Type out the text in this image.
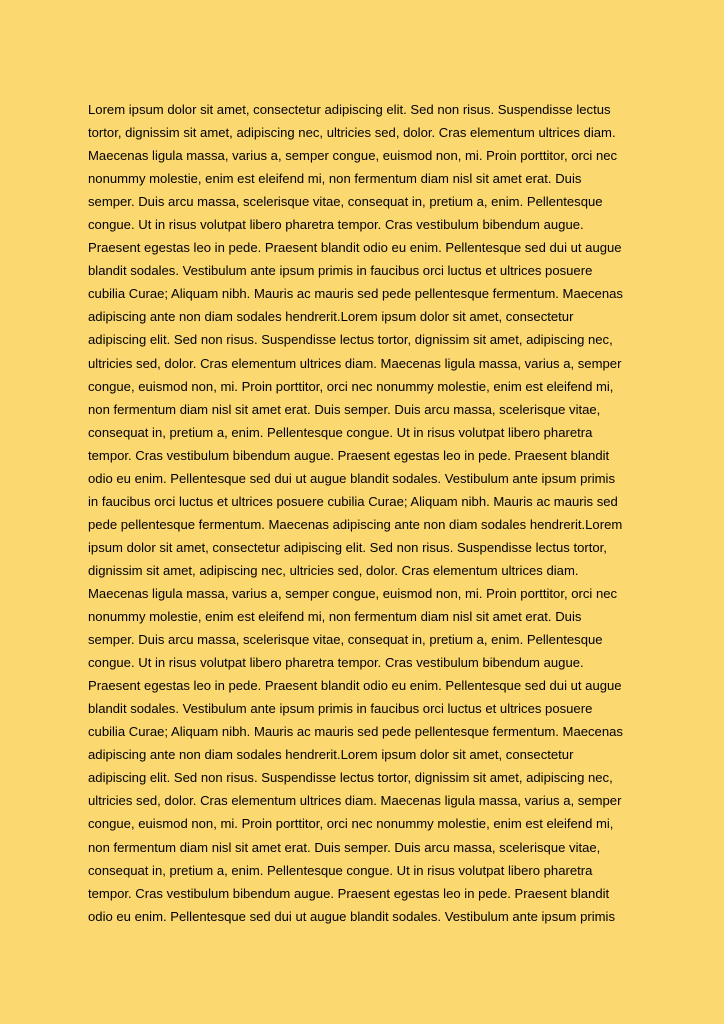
Lorem ipsum dolor sit amet, consectetur adipiscing elit. Sed non risus. Suspendisse lectus
tortor, dignissim sit amet, adipiscing nec, ultricies sed, dolor. Cras elementum ultrices diam.
Maecenas ligula massa, varius a, semper congue, euismod non, mi. Proin porttitor, orci nec
nonummy molestie, enim est eleifend mi, non fermentum diam nisl sit amet erat. Duis
semper. Duis arcu massa, scelerisque vitae, consequat in, pretium a, enim. Pellentesque
congue. Ut in risus volutpat libero pharetra tempor. Cras vestibulum bibendum augue.
Praesent egestas leo in pede. Praesent blandit odio eu enim. Pellentesque sed dui ut augue
blandit sodales. Vestibulum ante ipsum primis in faucibus orci luctus et ultrices posuere
cubilia Curae; Aliquam nibh. Mauris ac mauris sed pede pellentesque fermentum. Maecenas
adipiscing ante non diam sodales hendrerit.Lorem ipsum dolor sit amet, consectetur
adipiscing elit. Sed non risus. Suspendisse lectus tortor, dignissim sit amet, adipiscing nec,
ultricies sed, dolor. Cras elementum ultrices diam. Maecenas ligula massa, varius a, semper
congue, euismod non, mi. Proin porttitor, orci nec nonummy molestie, enim est eleifend mi,
non fermentum diam nisl sit amet erat. Duis semper. Duis arcu massa, scelerisque vitae,
consequat in, pretium a, enim. Pellentesque congue. Ut in risus volutpat libero pharetra
tempor. Cras vestibulum bibendum augue. Praesent egestas leo in pede. Praesent blandit
odio eu enim. Pellentesque sed dui ut augue blandit sodales. Vestibulum ante ipsum primis
in faucibus orci luctus et ultrices posuere cubilia Curae; Aliquam nibh. Mauris ac mauris sed
pede pellentesque fermentum. Maecenas adipiscing ante non diam sodales hendrerit.Lorem
ipsum dolor sit amet, consectetur adipiscing elit. Sed non risus. Suspendisse lectus tortor,
dignissim sit amet, adipiscing nec, ultricies sed, dolor. Cras elementum ultrices diam.
Maecenas ligula massa, varius a, semper congue, euismod non, mi. Proin porttitor, orci nec
nonummy molestie, enim est eleifend mi, non fermentum diam nisl sit amet erat. Duis
semper. Duis arcu massa, scelerisque vitae, consequat in, pretium a, enim. Pellentesque
congue. Ut in risus volutpat libero pharetra tempor. Cras vestibulum bibendum augue.
Praesent egestas leo in pede. Praesent blandit odio eu enim. Pellentesque sed dui ut augue
blandit sodales. Vestibulum ante ipsum primis in faucibus orci luctus et ultrices posuere
cubilia Curae; Aliquam nibh. Mauris ac mauris sed pede pellentesque fermentum. Maecenas
adipiscing ante non diam sodales hendrerit.Lorem ipsum dolor sit amet, consectetur
adipiscing elit. Sed non risus. Suspendisse lectus tortor, dignissim sit amet, adipiscing nec,
ultricies sed, dolor. Cras elementum ultrices diam. Maecenas ligula massa, varius a, semper
congue, euismod non, mi. Proin porttitor, orci nec nonummy molestie, enim est eleifend mi,
non fermentum diam nisl sit amet erat. Duis semper. Duis arcu massa, scelerisque vitae,
consequat in, pretium a, enim. Pellentesque congue. Ut in risus volutpat libero pharetra
tempor. Cras vestibulum bibendum augue. Praesent egestas leo in pede. Praesent blandit
odio eu enim. Pellentesque sed dui ut augue blandit sodales. Vestibulum ante ipsum primis
